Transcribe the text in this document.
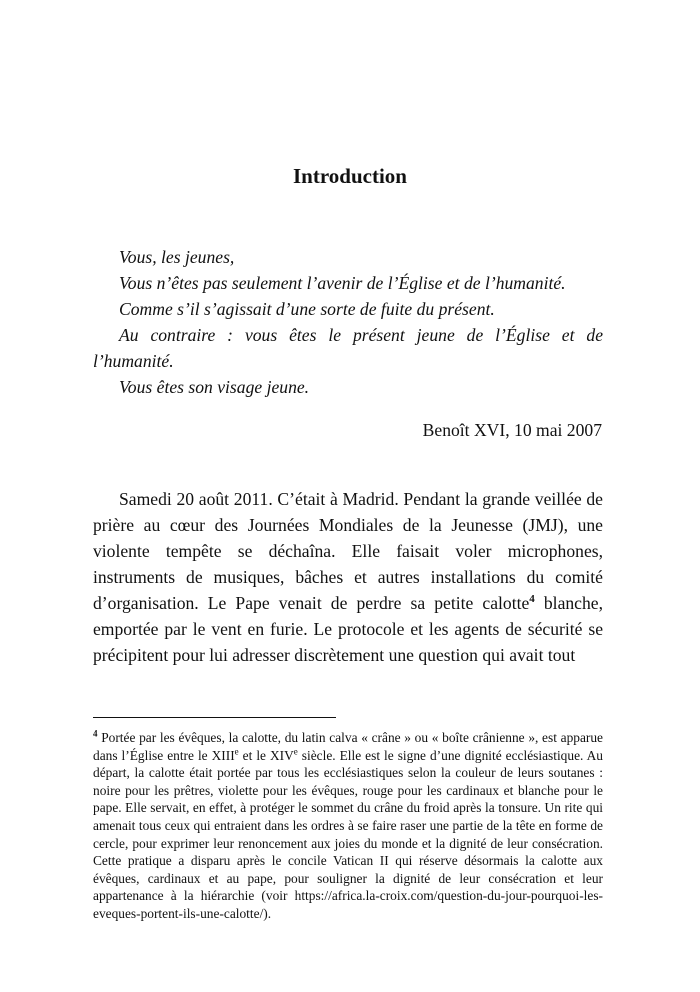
Introduction
Vous, les jeunes,
Vous n’êtes pas seulement l’avenir de l’Église et de l’humanité.
Comme s’il s’agissait d’une sorte de fuite du présent.
Au contraire : vous êtes le présent jeune de l’Église et de
l’humanité.
Vous êtes son visage jeune.
Benoît XVI, 10 mai 2007

Samedi 20 août 2011. C’était à Madrid. Pendant la grande veillée de prière au cœur des Journées Mondiales de la Jeunesse (JMJ), une violente tempête se déchaîna. Elle faisait voler microphones, instruments de musiques, bâches et autres installations du comité d’organisation. Le Pape venait de perdre sa petite calotte$^4$ blanche, emportée par le vent en furie. Le protocole et les agents de sécurité se précipitent pour lui adresser discrètement une question qui avait tout

$^4$ Portée par les évêques, la calotte, du latin calva « crâne » ou « boîte crânienne », est apparue dans l’Église entre le XIIIe et le XIVe siècle. Elle est le signe d’une dignité ecclésiastique. Au départ, la calotte était portée par tous les ecclésiastiques selon la couleur de leurs soutanes : noire pour les prêtres, violette pour les évêques, rouge pour les cardinaux et blanche pour le pape. Elle servait, en effet, à protéger le sommet du crâne du froid après la tonsure. Un rite qui amenait tous ceux qui entraient dans les ordres à se faire raser une partie de la tête en forme de cercle, pour exprimer leur renoncement aux joies du monde et la dignité de leur consécration. Cette pratique a disparu après le concile Vatican II qui réserve désormais la calotte aux évêques, cardinaux et au pape, pour souligner la dignité de leur consécration et leur appartenance à la hiérarchie (voir https://africa.la-croix.com/question-du-jour-pourquoi-les-eveques-portent-ils-une-calotte/).
